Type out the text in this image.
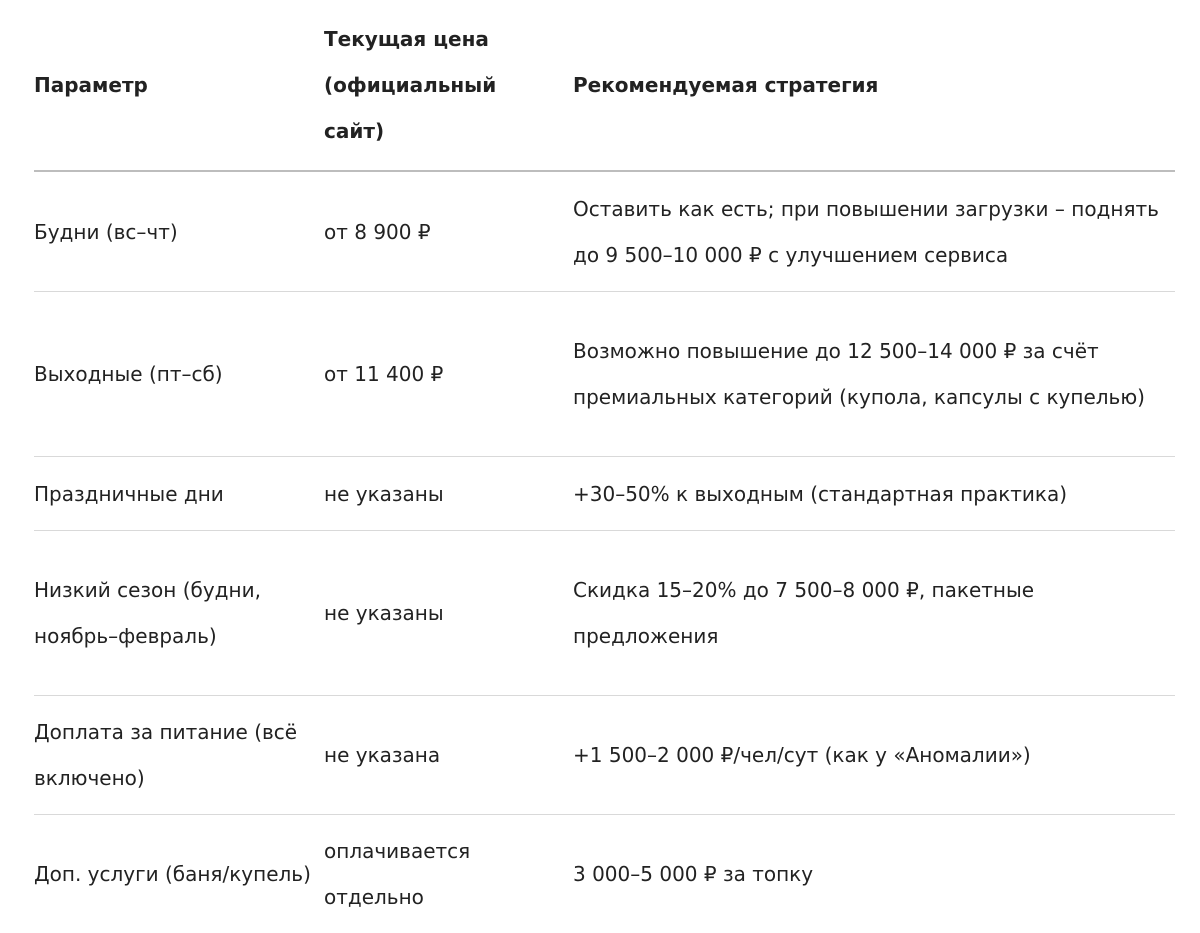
Параметр	Текущая цена (официальный сайт)	Рекомендуемая стратегия
Будни (вс–чт)	от 8 900 ₽	Оставить как есть; при повышении загрузки – поднять до 9 500–10 000 ₽ с улучшением сервиса
Выходные (пт–сб)	от 11 400 ₽	Возможно повышение до 12 500–14 000 ₽ за счёт премиальных категорий (купола, капсулы с купелью)
Праздничные дни	не указаны	+30–50% к выходным (стандартная практика)
Низкий сезон (будни, ноябрь–февраль)	не указаны	Скидка 15–20% до 7 500–8 000 ₽, пакетные предложения
Доплата за питание (всё включено)	не указана	+1 500–2 000 ₽/чел/сут (как у «Аномалии»)
Доп. услуги (баня/купель)	оплачивается отдельно	3 000–5 000 ₽ за топку
